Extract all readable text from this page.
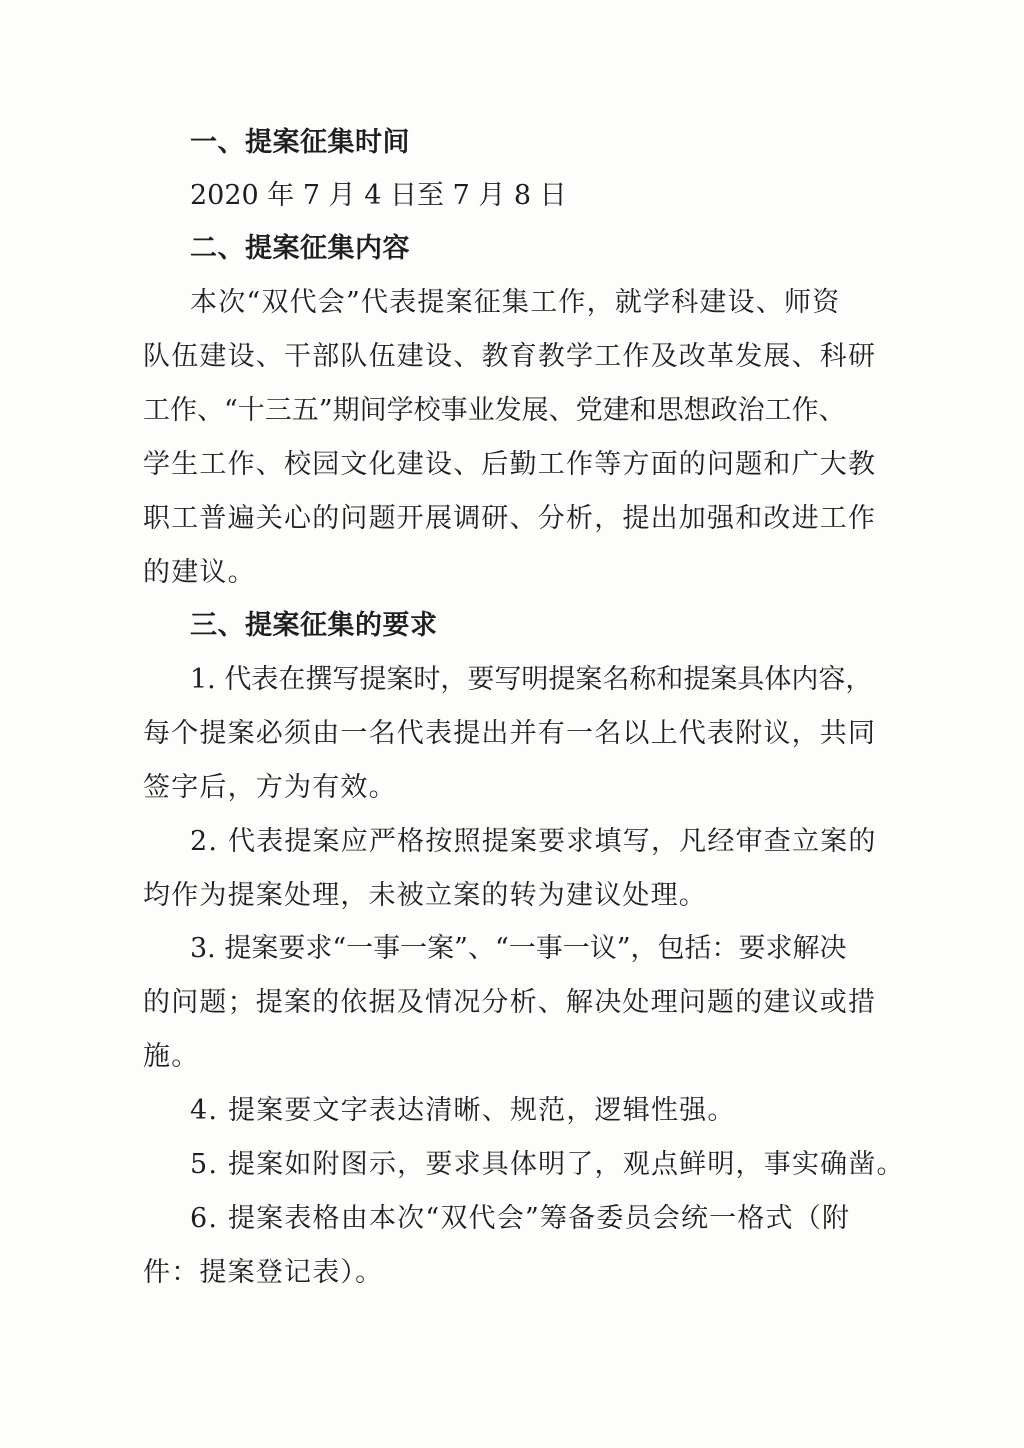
一、提案征集时间
2020 年 7 月 4 日至 7 月 8 日
二、提案征集内容
本次“双代会”代表提案征集工作，就学科建设、师资
队伍建设、干部队伍建设、教育教学工作及改革发展、科研
工作、“十三五”期间学校事业发展、党建和思想政治工作、
学生工作、校园文化建设、后勤工作等方面的问题和广大教
职工普遍关心的问题开展调研、分析，提出加强和改进工作
的建议。
三、提案征集的要求
1. 代表在撰写提案时，要写明提案名称和提案具体内容，
每个提案必须由一名代表提出并有一名以上代表附议，共同
签字后，方为有效。
2. 代表提案应严格按照提案要求填写，凡经审查立案的
均作为提案处理，未被立案的转为建议处理。
3. 提案要求“一事一案”、“一事一议”，包括：要求解决
的问题；提案的依据及情况分析、解决处理问题的建议或措
施。
4. 提案要文字表达清晰、规范，逻辑性强。
5. 提案如附图示，要求具体明了，观点鲜明，事实确凿。
6. 提案表格由本次“双代会”筹备委员会统一格式（附
件：提案登记表）。
